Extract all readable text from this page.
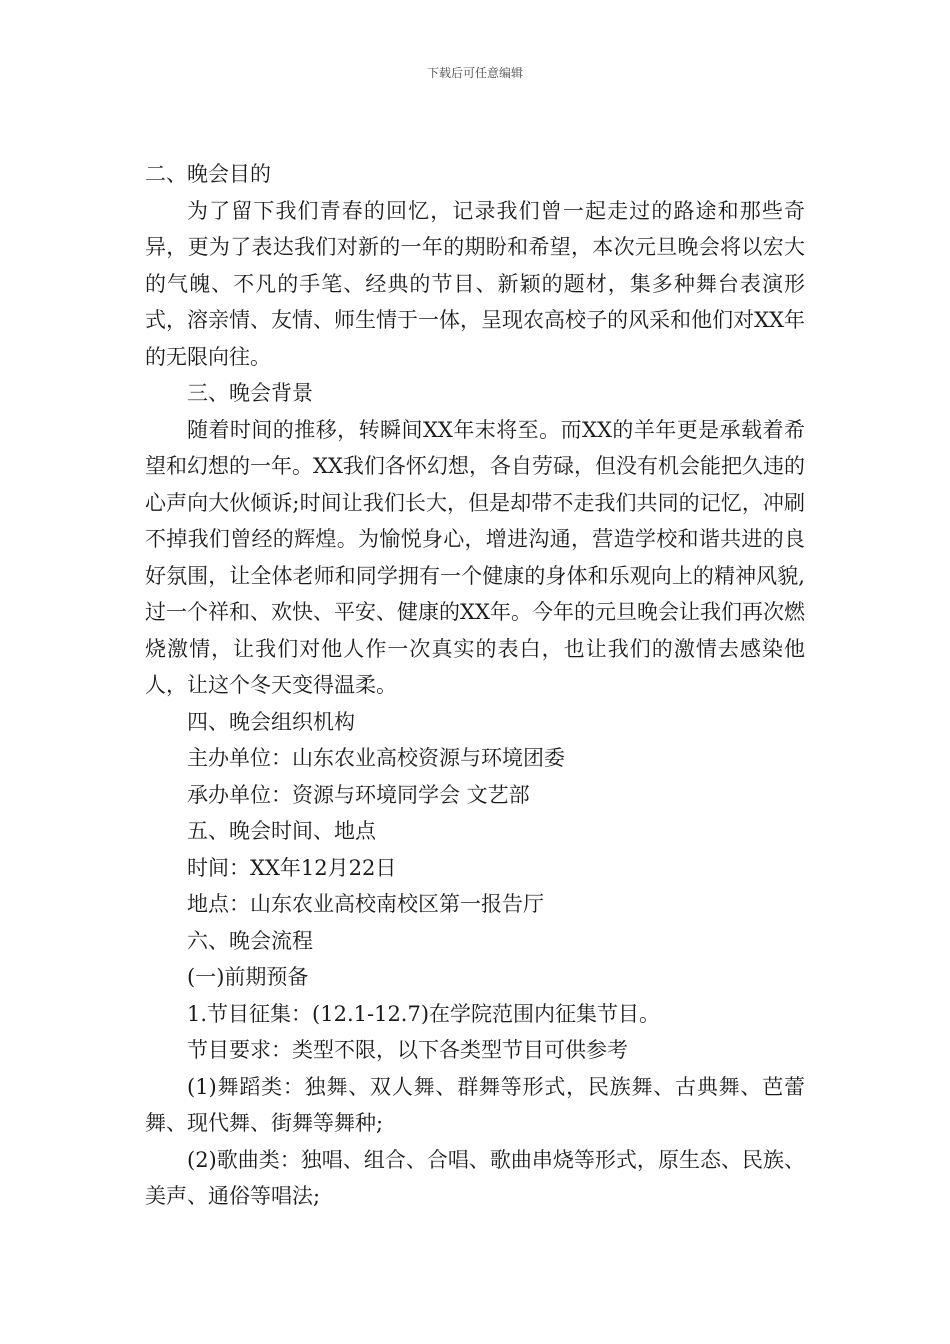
下载后可任意编辑

二、晚会目的

为了留下我们青春的回忆，记录我们曾一起走过的路途和那些奇异，更为了表达我们对新的一年的期盼和希望，本次元旦晚会将以宏大的气魄、不凡的手笔、经典的节目、新颖的题材，集多种舞台表演形式，溶亲情、友情、师生情于一体，呈现农高校子的风采和他们对XX年的无限向往。

三、晚会背景

随着时间的推移，转瞬间XX年末将至。而XX的羊年更是承载着希望和幻想的一年。XX我们各怀幻想，各自劳碌，但没有机会能把久违的心声向大伙倾诉;时间让我们长大，但是却带不走我们共同的记忆，冲刷不掉我们曾经的辉煌。为愉悦身心，增进沟通，营造学校和谐共进的良好氛围，让全体老师和同学拥有一个健康的身体和乐观向上的精神风貌,过一个祥和、欢快、平安、健康的XX年。今年的元旦晚会让我们再次燃烧激情，让我们对他人作一次真实的表白，也让我们的激情去感染他人，让这个冬天变得温柔。

四、晚会组织机构

主办单位：山东农业高校资源与环境团委

承办单位：资源与环境同学会 文艺部

五、晚会时间、地点

时间：XX年12月22日

地点：山东农业高校南校区第一报告厅

六、晚会流程

(一)前期预备

1.节目征集：(12.1-12.7)在学院范围内征集节目。

节目要求：类型不限，以下各类型节目可供参考

(1)舞蹈类：独舞、双人舞、群舞等形式，民族舞、古典舞、芭蕾舞、现代舞、街舞等舞种;

(2)歌曲类：独唱、组合、合唱、歌曲串烧等形式，原生态、民族、美声、通俗等唱法;
